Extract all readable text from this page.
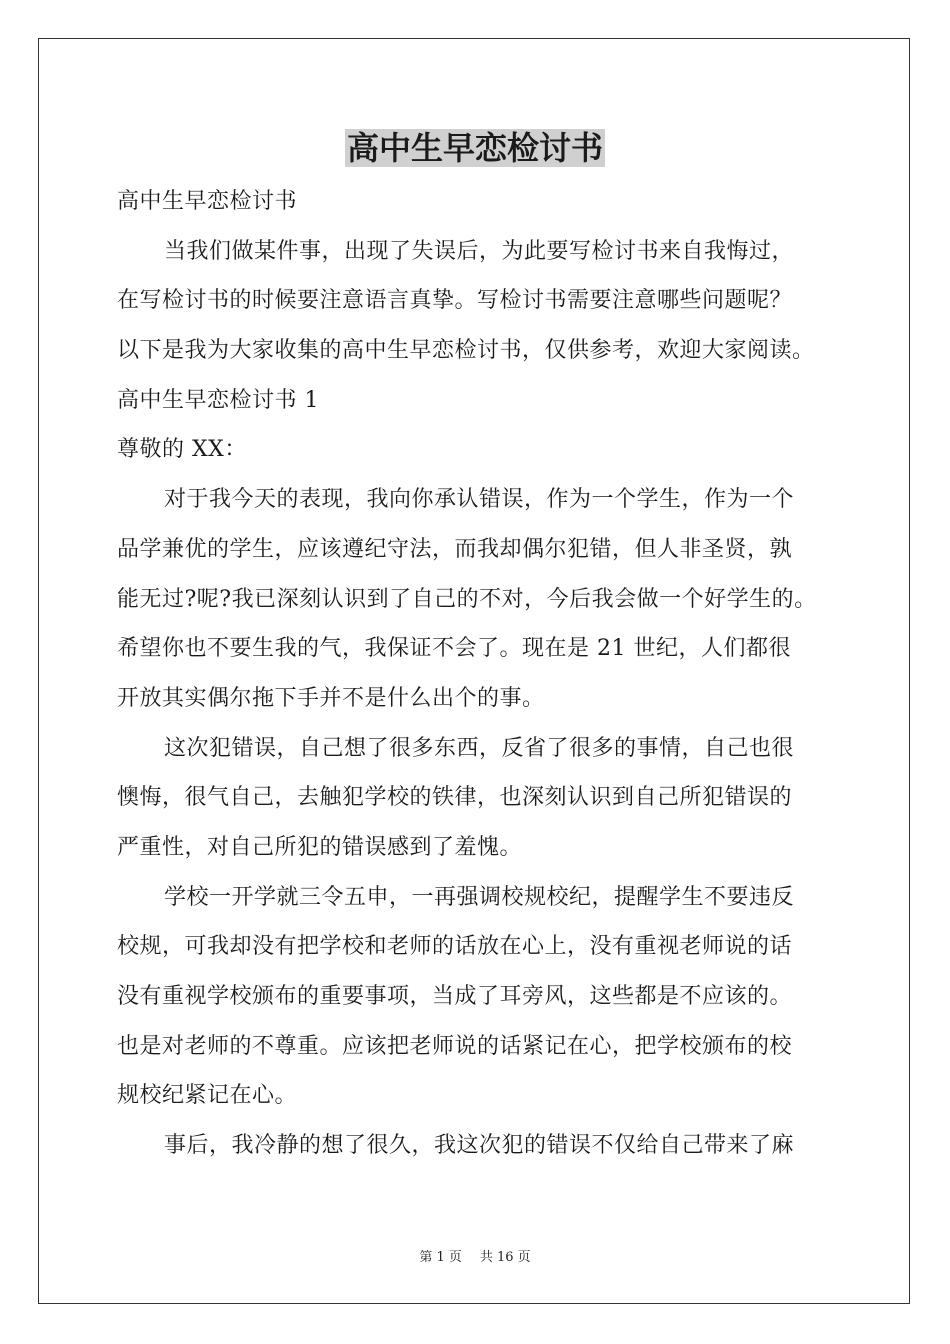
高中生早恋检讨书
高中生早恋检讨书
当我们做某件事，出现了失误后，为此要写检讨书来自我悔过，
在写检讨书的时候要注意语言真挚。写检讨书需要注意哪些问题呢？
以下是我为大家收集的高中生早恋检讨书，仅供参考，欢迎大家阅读。
高中生早恋检讨书 1
尊敬的 XX：
对于我今天的表现，我向你承认错误，作为一个学生，作为一个
品学兼优的学生，应该遵纪守法，而我却偶尔犯错，但人非圣贤，孰
能无过?呢?我已深刻认识到了自己的不对，今后我会做一个好学生的。
希望你也不要生我的气，我保证不会了。现在是 21 世纪，人们都很
开放其实偶尔拖下手并不是什么出个的事。
这次犯错误，自己想了很多东西，反省了很多的事情，自己也很
懊悔，很气自己，去触犯学校的铁律，也深刻认识到自己所犯错误的
严重性，对自己所犯的错误感到了羞愧。
学校一开学就三令五申，一再强调校规校纪，提醒学生不要违反
校规，可我却没有把学校和老师的话放在心上，没有重视老师说的话
没有重视学校颁布的重要事项，当成了耳旁风，这些都是不应该的。
也是对老师的不尊重。应该把老师说的话紧记在心，把学校颁布的校
规校纪紧记在心。
事后，我冷静的想了很久，我这次犯的错误不仅给自己带来了麻
第 1 页 共 16 页
